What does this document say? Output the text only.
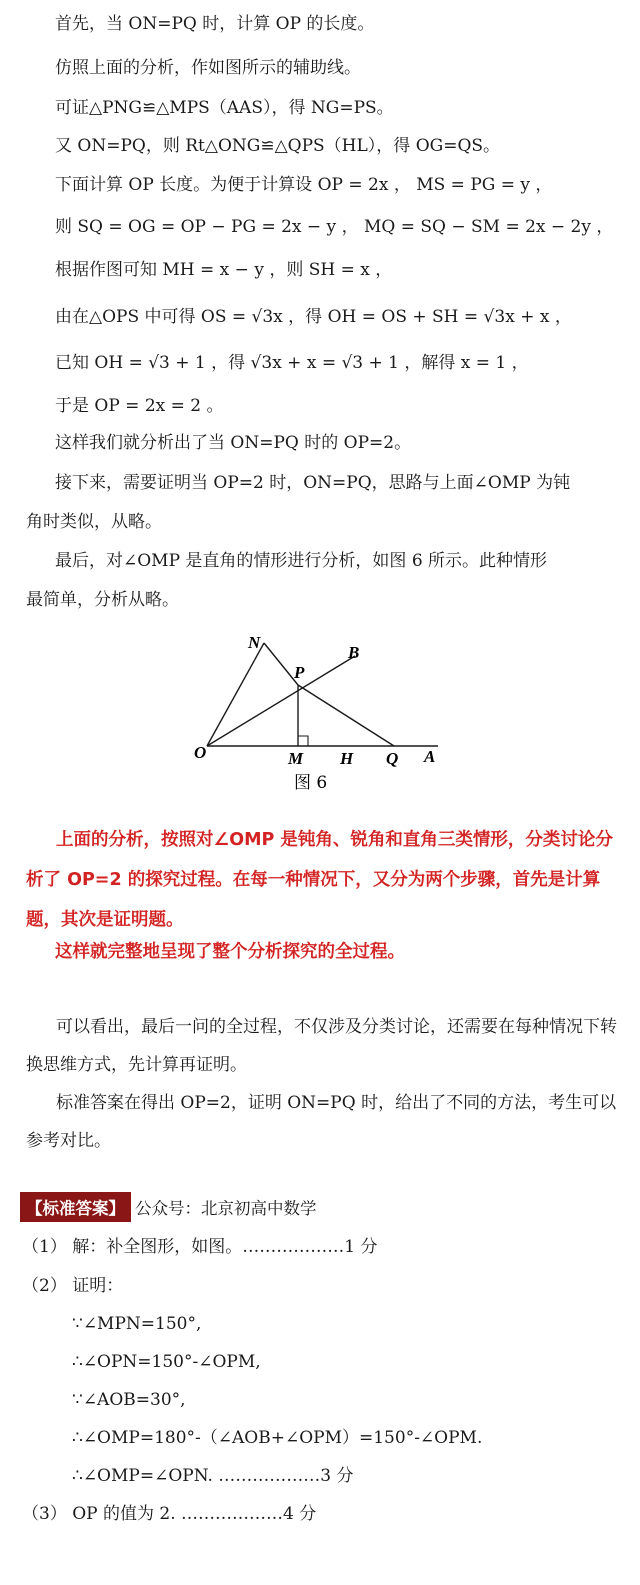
首先，当 ON=PQ 时，计算 OP 的长度。
仿照上面的分析，作如图所示的辅助线。
可证△PNG≌△MPS（AAS），得 NG=PS。
又 ON=PQ，则 Rt△ONG≌△QPS（HL），得 OG=QS。
下面计算 OP 长度。为便于计算设 OP = 2x ， MS = PG = y ，
则 SQ = OG = OP − PG = 2x − y ， MQ = SQ − SM = 2x − 2y ，
根据作图可知 MH = x − y ，则 SH = x ，
由在△OPS 中可得 OS = √3x ，得 OH = OS + SH = √3x + x ，
已知 OH = √3 + 1 ，得 √3x + x = √3 + 1 ，解得 x = 1 ，
于是 OP = 2x = 2 。
这样我们就分析出了当 ON=PQ 时的 OP=2。
接下来，需要证明当 OP=2 时，ON=PQ，思路与上面∠OMP 为钝
角时类似，从略。
最后，对∠OMP 是直角的情形进行分析，如图 6 所示。此种情形
最简单，分析从略。
N
B
P
O	M H Q A
图 6
上面的分析，按照对∠OMP 是钝角、锐角和直角三类情形，分类讨论分析了 OP=2 的探究过程。在每一种情况下，又分为两个步骤，首先是计算题，其次是证明题。
这样就完整地呈现了整个分析探究的全过程。
可以看出，最后一问的全过程，不仅涉及分类讨论，还需要在每种情况下转换思维方式，先计算再证明。
标准答案在得出 OP=2，证明 ON=PQ 时，给出了不同的方法，考生可以参考对比。
【标准答案】 公众号：北京初高中数学
（1） 解：补全图形，如图。………………1 分
（2） 证明：
∵∠MPN=150°,
∴∠OPN=150°-∠OPM,
∵∠AOB=30°,
∴∠OMP=180°-（∠AOB+∠OPM）=150°-∠OPM.
∴∠OMP=∠OPN. ………………3 分
（3） OP 的值为 2. ………………4 分
